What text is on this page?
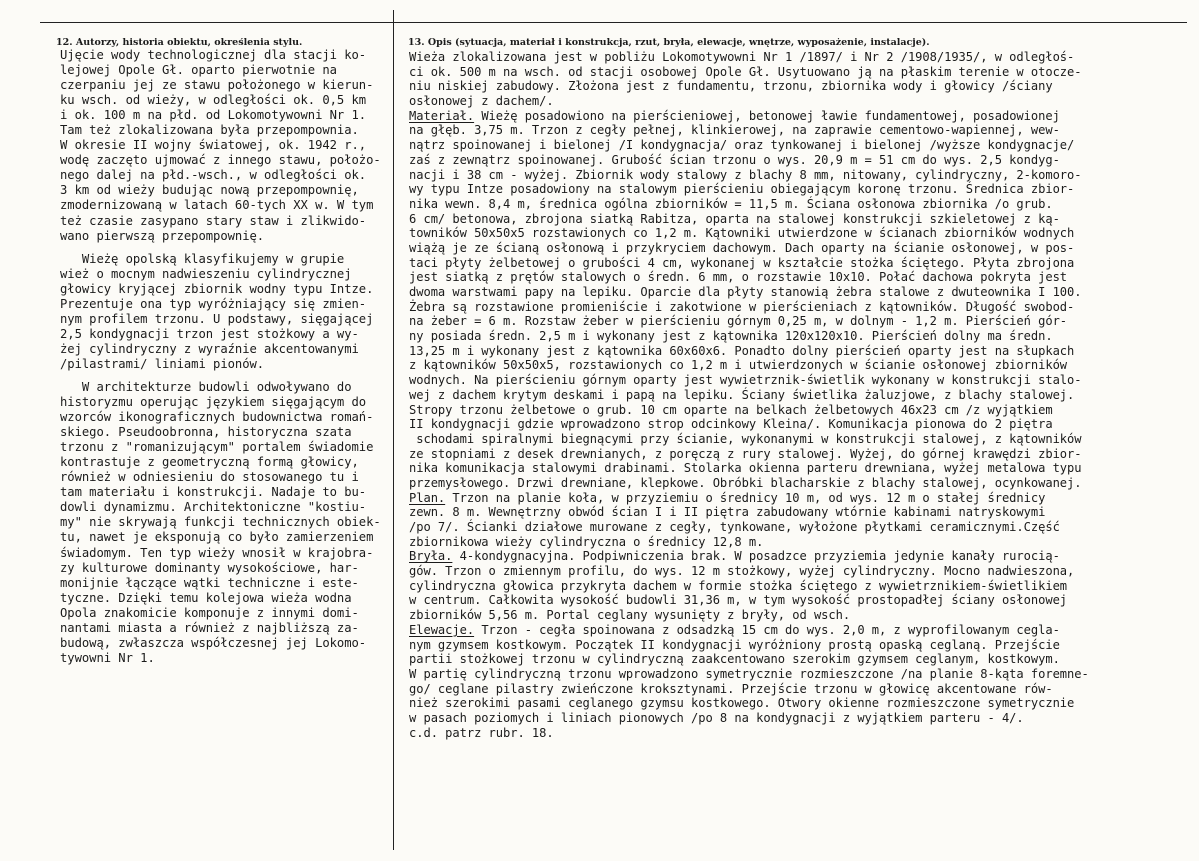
12. Autorzy, historia obiektu, określenia stylu.	13. Opis (sytuacja, materiał i konstrukcja, rzut, bryła, elewacje, wnętrze, wyposażenie, instalacje).
Ujęcie wody technologicznej dla stacji ko-
lejowej Opole Gł. oparto pierwotnie na
czerpaniu jej ze stawu położonego w kierun-
ku wsch. od wieży, w odległości ok. 0,5 km
i ok. 100 m na płd. od Lokomotywowni Nr 1.
Tam też zlokalizowana była przepompownia.
W okresie II wojny światowej, ok. 1942 r.,
wodę zaczęto ujmować z innego stawu, położo-
nego dalej na płd.-wsch., w odległości ok.
3 km od wieży budując nową przepompownię,
zmodernizowaną w latach 60-tych XX w. W tym
też czasie zasypano stary staw i zlikwido-
wano pierwszą przepompownię.
Wieżę opolską klasyfikujemy w grupie
wież o mocnym nadwieszeniu cylindrycznej
głowicy kryjącej zbiornik wodny typu Intze.
Prezentuje ona typ wyróżniający się zmien-
nym profilem trzonu. U podstawy, sięgającej
2,5 kondygnacji trzon jest stożkowy a wy-
żej cylindryczny z wyraźnie akcentowanymi
/pilastrami/ liniami pionów.
W architekturze budowli odwoływano do
historyzmu operując językiem sięgającym do
wzorców ikonograficznych budownictwa romań-
skiego. Pseudoobronna, historyczna szata
trzonu z "romanizującym" portalem świadomie
kontrastuje z geometryczną formą głowicy,
również w odniesieniu do stosowanego tu i
tam materiału i konstrukcji. Nadaje to bu-
dowli dynamizmu. Architektoniczne "kostiu-
my" nie skrywają funkcji technicznych obiek-
tu, nawet je eksponują co było zamierzeniem
świadomym. Ten typ wieży wnosił w krajobra-
zy kulturowe dominanty wysokościowe, har-
monijnie łączące wątki techniczne i este-
tyczne. Dzięki temu kolejowa wieża wodna
Opola znakomicie komponuje z innymi domi-
nantami miasta a również z najbliższą za-
budową, zwłaszcza współczesnej jej Lokomo-
tywowni Nr 1.
Wieża zlokalizowana jest w pobliżu Lokomotywowni Nr 1 /1897/ i Nr 2 /1908/1935/, w odległoś-
ci ok. 500 m na wsch. od stacji osobowej Opole Gł. Usytuowano ją na płaskim terenie w otocze-
niu niskiej zabudowy. Złożona jest z fundamentu, trzonu, zbiornika wody i głowicy /ściany
osłonowej z dachem/.
Materiał. Wieżę posadowiono na pierścieniowej, betonowej ławie fundamentowej, posadowionej
na głęb. 3,75 m. Trzon z cegły pełnej, klinkierowej, na zaprawie cementowo-wapiennej, wew-
nątrz spoinowanej i bielonej /I kondygnacja/ oraz tynkowanej i bielonej /wyższe kondygnacje/
zaś z zewnątrz spoinowanej. Grubość ścian trzonu o wys. 20,9 m = 51 cm do wys. 2,5 kondyg-
nacji i 38 cm - wyżej. Zbiornik wody stalowy z blachy 8 mm, nitowany, cylindryczny, 2-komoro-
wy typu Intze posadowiony na stalowym pierścieniu obiegającym koronę trzonu. Średnica zbior-
nika wewn. 8,4 m, średnica ogólna zbiorników = 11,5 m. Ściana osłonowa zbiornika /o grub.
6 cm/ betonowa, zbrojona siatką Rabitza, oparta na stalowej konstrukcji szkieletowej z ką-
towników 50x50x5 rozstawionych co 1,2 m. Kątowniki utwierdzone w ścianach zbiorników wodnych
wiążą je ze ścianą osłonową i przykryciem dachowym. Dach oparty na ścianie osłonowej, w pos-
taci płyty żelbetowej o grubości 4 cm, wykonanej w kształcie stożka ściętego. Płyta zbrojona
jest siatką z prętów stalowych o średn. 6 mm, o rozstawie 10x10. Połać dachowa pokryta jest
dwoma warstwami papy na lepiku. Oparcie dla płyty stanowią żebra stalowe z dwuteownika I 100.
Żebra są rozstawione promieniście i zakotwione w pierścieniach z kątowników. Długość swobod-
na żeber = 6 m. Rozstaw żeber w pierścieniu górnym 0,25 m, w dolnym - 1,2 m. Pierścień gór-
ny posiada średn. 2,5 m i wykonany jest z kątownika 120x120x10. Pierścień dolny ma średn.
13,25 m i wykonany jest z kątownika 60x60x6. Ponadto dolny pierścień oparty jest na słupkach
z kątowników 50x50x5, rozstawionych co 1,2 m i utwierdzonych w ścianie osłonowej zbiorników
wodnych. Na pierścieniu górnym oparty jest wywietrznik-świetlik wykonany w konstrukcji stalo-
wej z dachem krytym deskami i papą na lepiku. Ściany świetlika żaluzjowe, z blachy stalowej.
Stropy trzonu żelbetowe o grub. 10 cm oparte na belkach żelbetowych 46x23 cm /z wyjątkiem
II kondygnacji gdzie wprowadzono strop odcinkowy Kleina/. Komunikacja pionowa do 2 piętra
schodami spiralnymi biegnącymi przy ścianie, wykonanymi w konstrukcji stalowej, z kątowników
ze stopniami z desek drewnianych, z poręczą z rury stalowej. Wyżej, do górnej krawędzi zbior-
nika komunikacja stalowymi drabinami. Stolarka okienna parteru drewniana, wyżej metalowa typu
przemysłowego. Drzwi drewniane, klepkowe. Obróbki blacharskie z blachy stalowej, ocynkowanej.
Plan. Trzon na planie koła, w przyziemiu o średnicy 10 m, od wys. 12 m o stałej średnicy
zewn. 8 m. Wewnętrzny obwód ścian I i II piętra zabudowany wtórnie kabinami natryskowymi
/po 7/. Ścianki działowe murowane z cegły, tynkowane, wyłożone płytkami ceramicznymi.Część
zbiornikowa wieży cylindryczna o średnicy 12,8 m.
Bryła. 4-kondygnacyjna. Podpiwniczenia brak. W posadzce przyziemia jedynie kanały rurocią-
gów. Trzon o zmiennym profilu, do wys. 12 m stożkowy, wyżej cylindryczny. Mocno nadwieszona,
cylindryczna głowica przykryta dachem w formie stożka ściętego z wywietrznikiem-świetlikiem
w centrum. Całkowita wysokość budowli 31,36 m, w tym wysokość prostopadłej ściany osłonowej
zbiorników 5,56 m. Portal ceglany wysunięty z bryły, od wsch.
Elewacje. Trzon - cegła spoinowana z odsadzką 15 cm do wys. 2,0 m, z wyprofilowanym cegla-
nym gzymsem kostkowym. Początek II kondygnacji wyróżniony prostą opaską ceglaną. Przejście
partii stożkowej trzonu w cylindryczną zaakcentowano szerokim gzymsem ceglanym, kostkowym.
W partię cylindryczną trzonu wprowadzono symetrycznie rozmieszczone /na planie 8-kąta foremne-
go/ ceglane pilastry zwieńczone kroksztynami. Przejście trzonu w głowicę akcentowane rów-
nież szerokimi pasami ceglanego gzymsu kostkowego. Otwory okienne rozmieszczone symetrycznie
w pasach poziomych i liniach pionowych /po 8 na kondygnacji z wyjątkiem parteru - 4/.
c.d. patrz rubr. 18.
